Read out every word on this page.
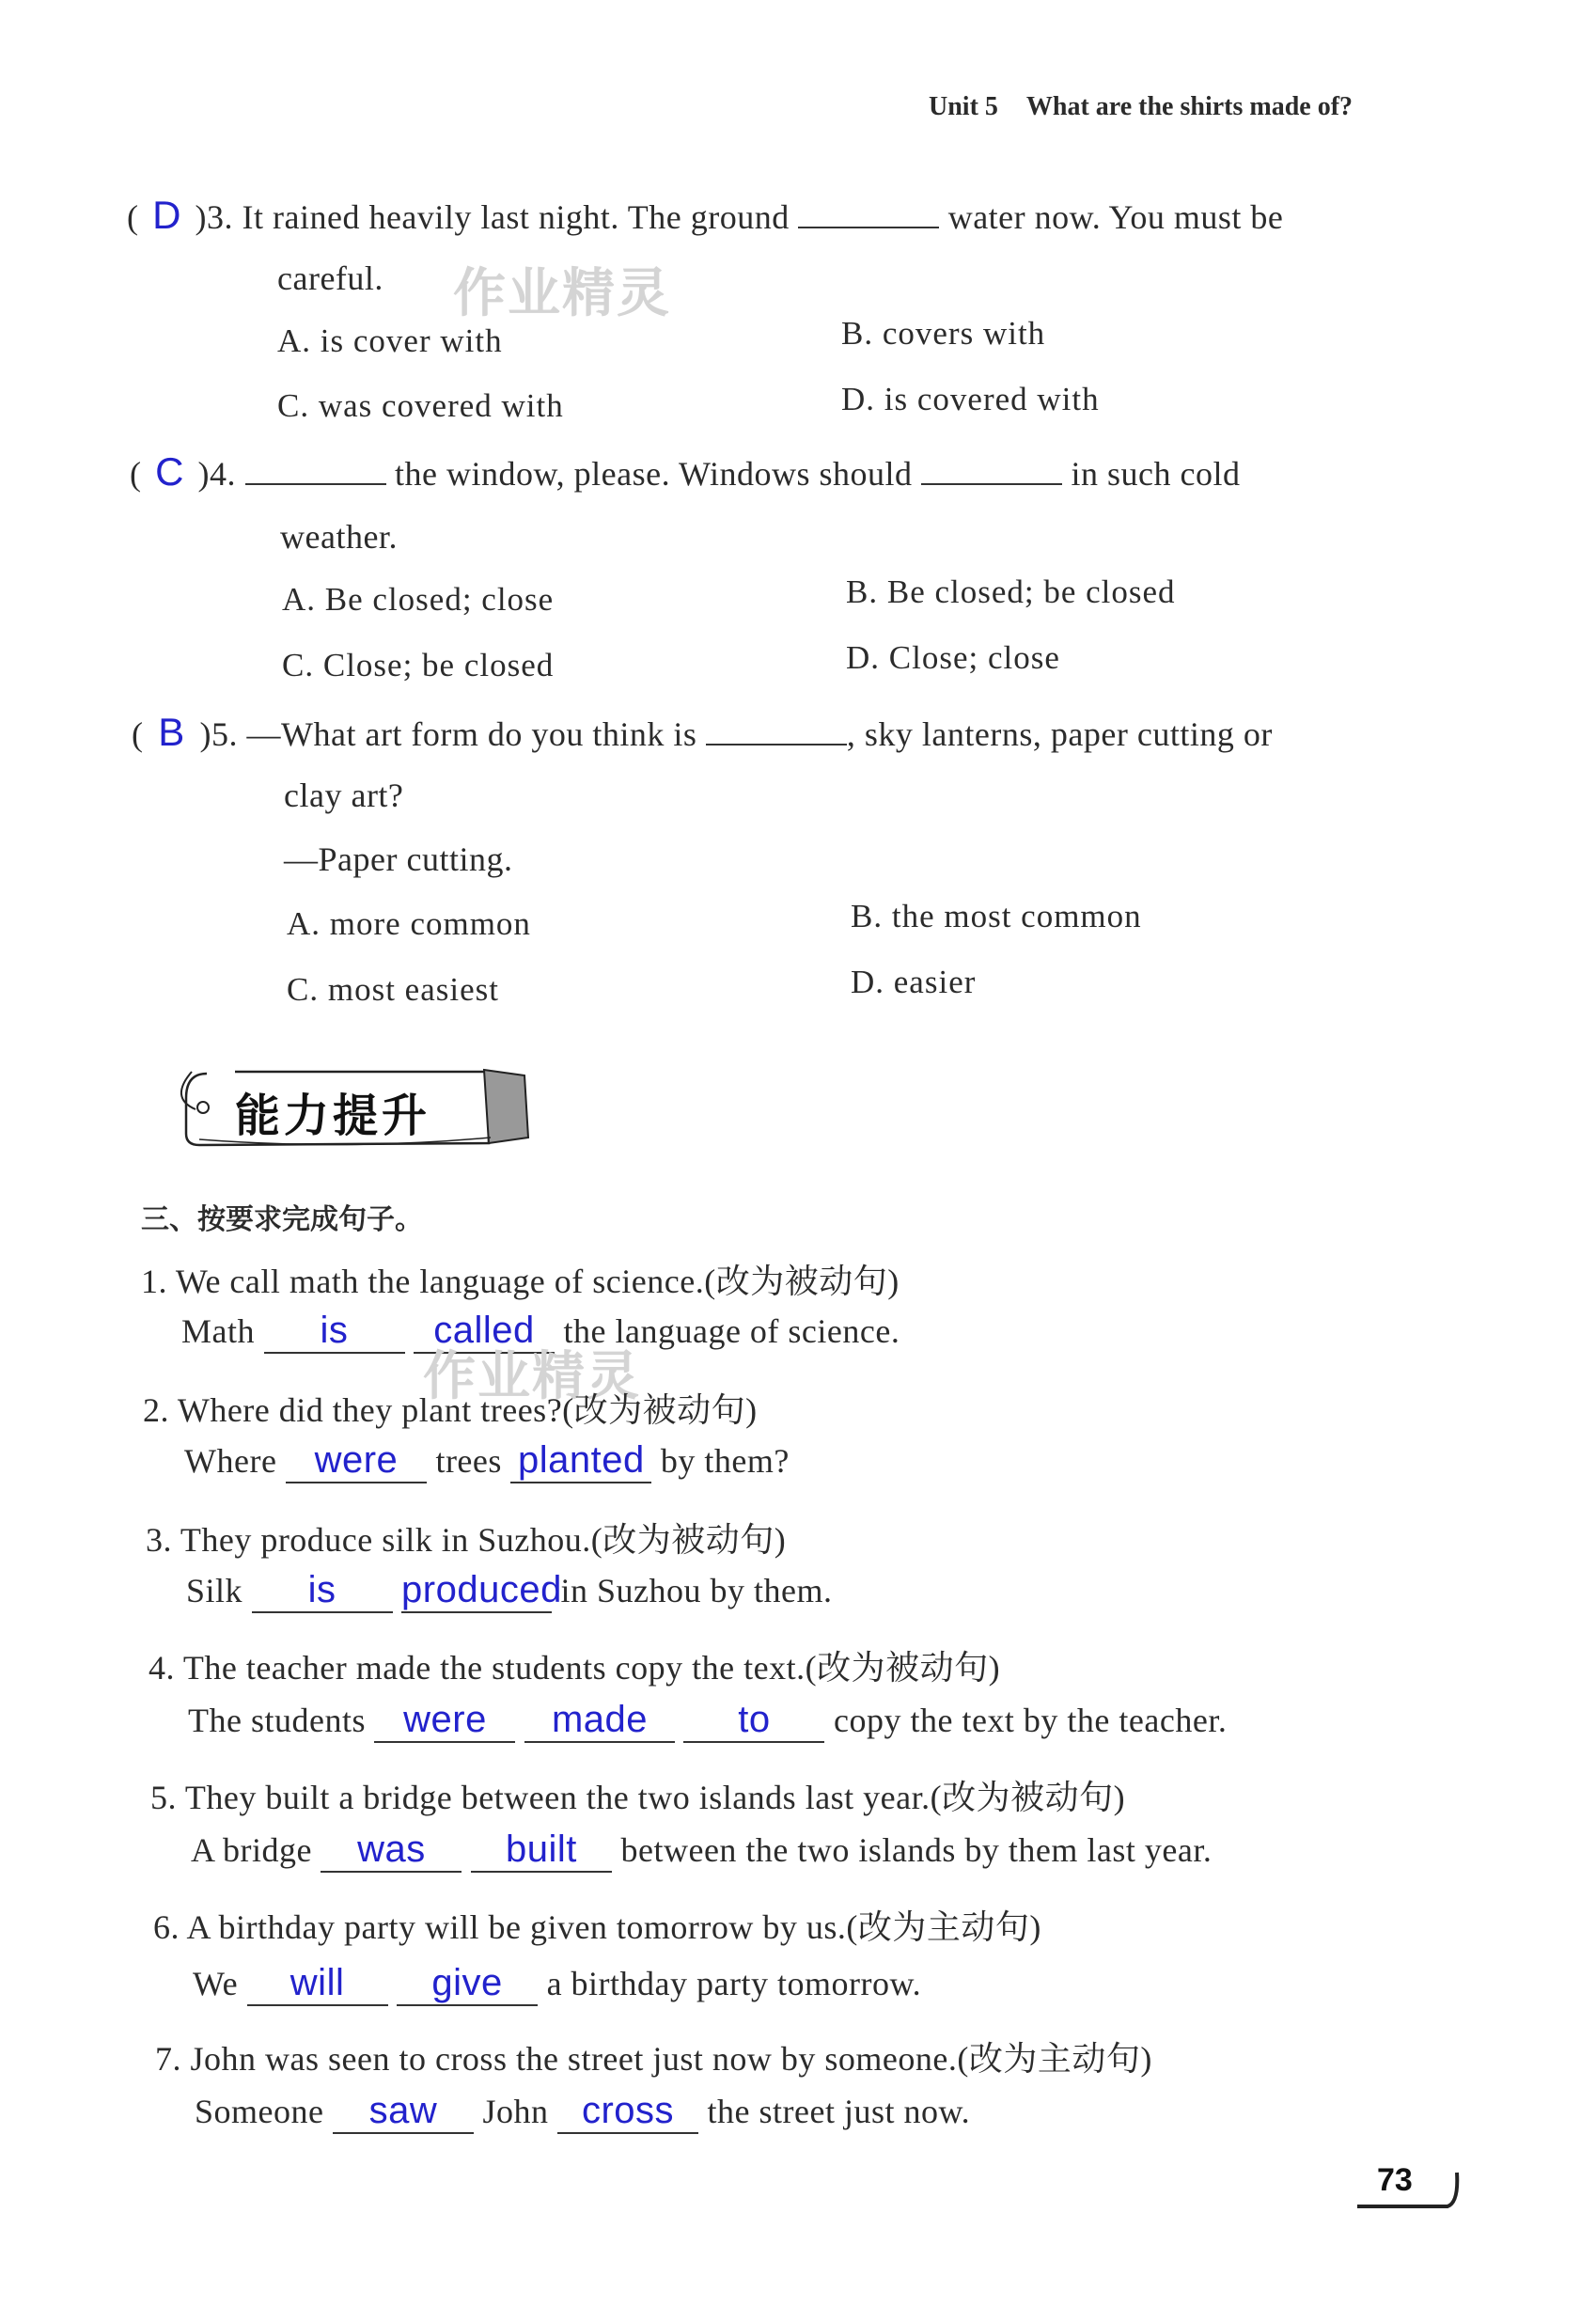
Unit 5 What are the shirts made of?
( D )3. It rained heavily last night. The ground	water now. You must be
careful. 作业精灵
A. is cover with	B. covers with
C. was covered with	D. is covered with
( C )4.	the window, please. Windows should	in such cold
weather.
A. Be closed; close	B. Be closed; be closed
C. Close; be closed	D. Close; close
( B )5. —What art form do you think is	, sky lanterns, paper cutting or
clay art?
—Paper cutting.
A. more common	B. the most common
C. most easiest	D. easier
能力提升
三、按要求完成句子。
1. We call math the language of science.(改为被动句)
Math is called the language of science.
作业精灵
2. Where did they plant trees?(改为被动句)
Where were trees planted by them?
3. They produce silk in Suzhou.(改为被动句)
Silk is produced in Suzhou by them.
4. The teacher made the students copy the text.(改为被动句)
The students were made to copy the text by the teacher.
5. They built a bridge between the two islands last year.(改为被动句)
A bridge was built between the two islands by them last year.
6. A birthday party will be given tomorrow by us.(改为主动句)
We will give a birthday party tomorrow.
7. John was seen to cross the street just now by someone.(改为主动句)
Someone saw John cross the street just now.
73
